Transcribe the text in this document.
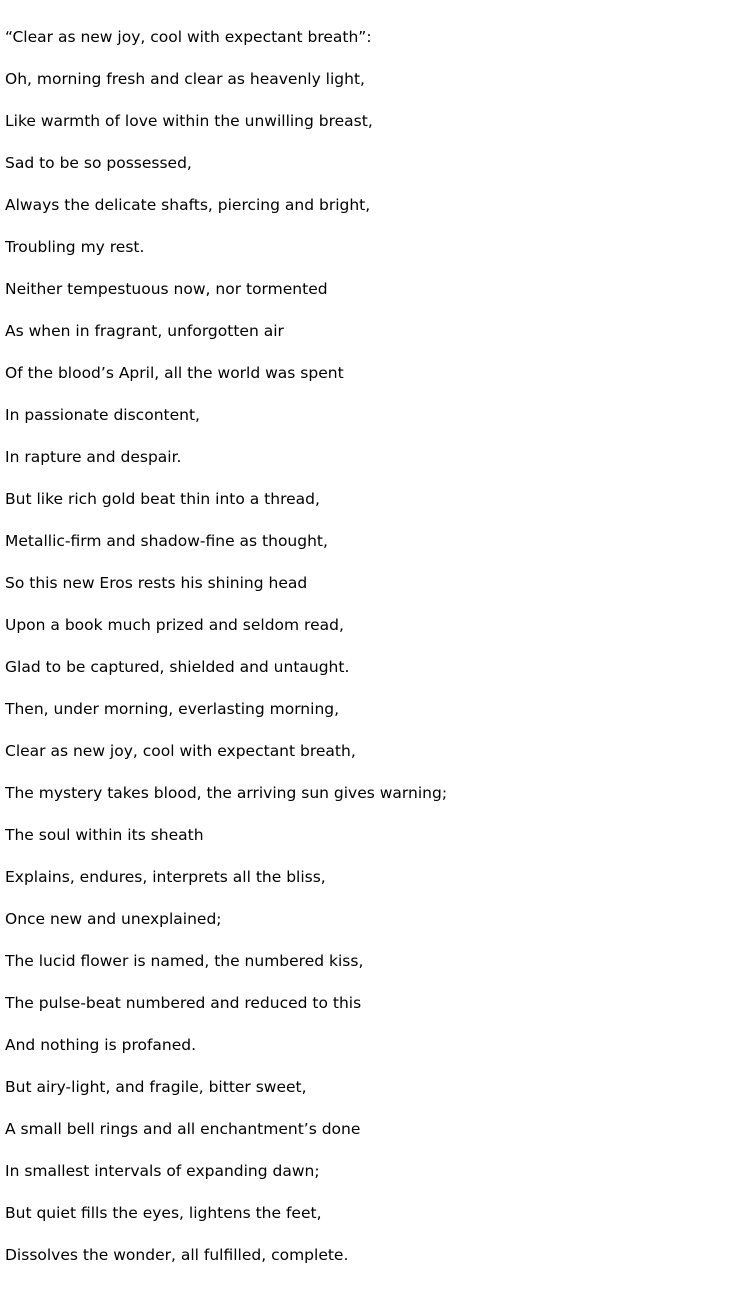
“Clear as new joy, cool with expectant breath”:

Oh, morning fresh and clear as heavenly light,

Like warmth of love within the unwilling breast,

Sad to be so possessed,

Always the delicate shafts, piercing and bright,

Troubling my rest.

Neither tempestuous now, nor tormented

As when in fragrant, unforgotten air

Of the blood’s April, all the world was spent

In passionate discontent,

In rapture and despair.

But like rich gold beat thin into a thread,

Metallic-firm and shadow-fine as thought,

So this new Eros rests his shining head

Upon a book much prized and seldom read,

Glad to be captured, shielded and untaught.

Then, under morning, everlasting morning,

Clear as new joy, cool with expectant breath,

The mystery takes blood, the arriving sun gives warning;

The soul within its sheath

Explains, endures, interprets all the bliss,

Once new and unexplained;

The lucid flower is named, the numbered kiss,

The pulse-beat numbered and reduced to this

And nothing is profaned.

But airy-light, and fragile, bitter sweet,

A small bell rings and all enchantment’s done

In smallest intervals of expanding dawn;

But quiet fills the eyes, lightens the feet,

Dissolves the wonder, all fulfilled, complete.
